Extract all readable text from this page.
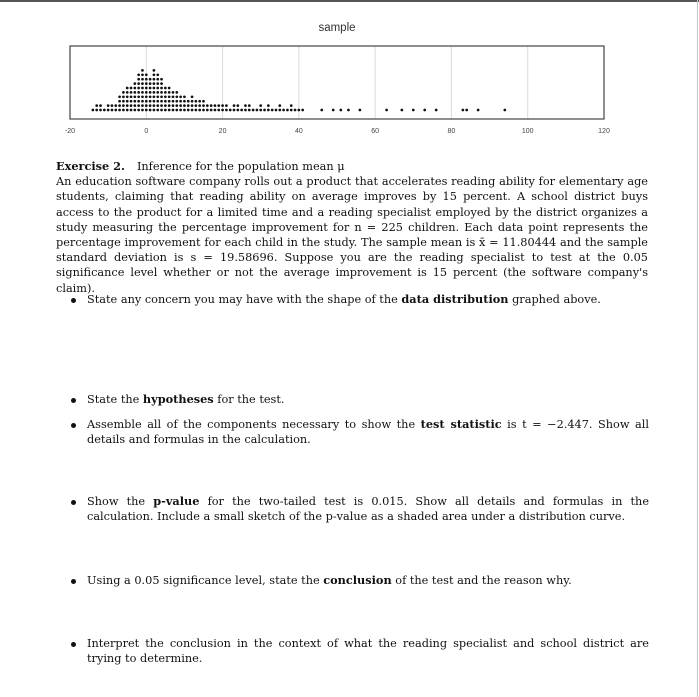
sample
-20	0	20	40	60	80	100	120

Exercise 2. Inference for the population mean μ

An education software company rolls out a product that accelerates reading ability for elementary age students, claiming that reading ability on average improves by 15 percent. A school district buys access to the product for a limited time and a reading specialist employed by the district organizes a study measuring the percentage improvement for n = 225 children. Each data point represents the percentage improvement for each child in the study. The sample mean is x̄ = 11.80444 and the sample standard deviation is s = 19.58696. Suppose you are the reading specialist to test at the 0.05 significance level whether or not the average improvement is 15 percent (the software company's claim).

State any concern you may have with the shape of the data distribution graphed above.
State the hypotheses for the test.
Assemble all of the components necessary to show the test statistic is t = −2.447. Show all details and formulas in the calculation.
Show the p-value for the two-tailed test is 0.015. Show all details and formulas in the calculation. Include a small sketch of the p-value as a shaded area under a distribution curve.
Using a 0.05 significance level, state the conclusion of the test and the reason why.
Interpret the conclusion in the context of what the reading specialist and school district are trying to determine.
